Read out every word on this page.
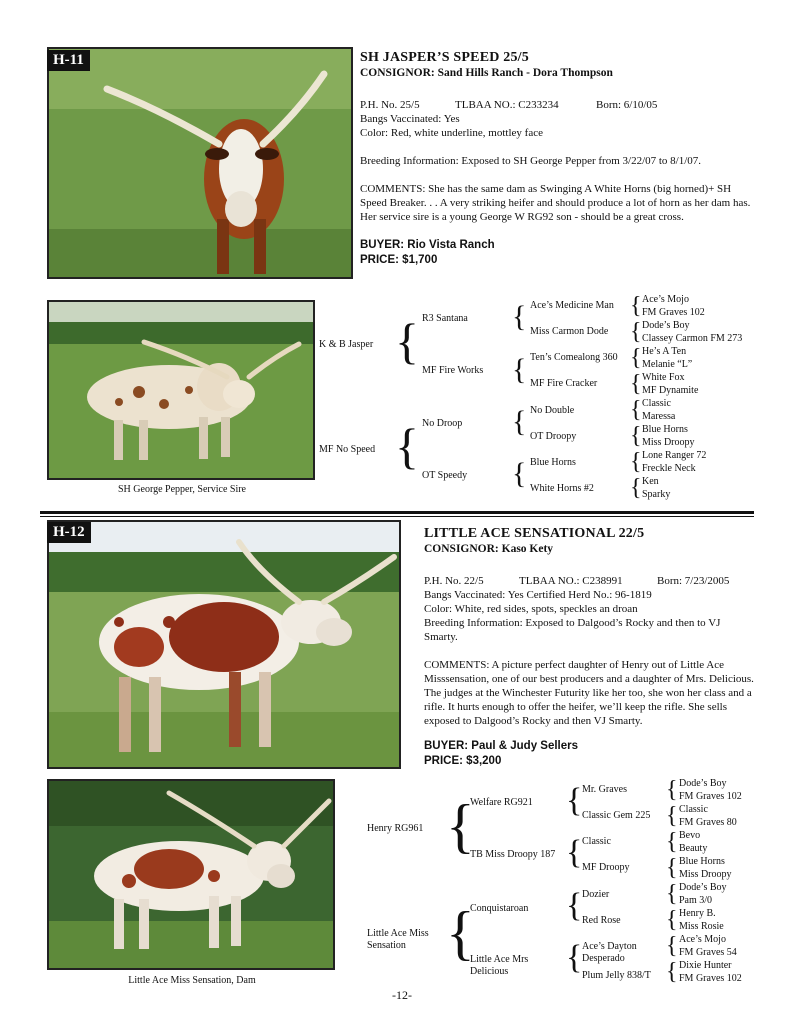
H-11	SH JASPER’S SPEED 25/5
CONSIGNOR: Sand Hills Ranch - Dora Thompson
P.H. No. 25/5	TLBAA NO.: C233234	Born: 6/10/05
Bangs Vaccinated: Yes
Color: Red, white underline, mottley face
Breeding Information: Exposed to SH George Pepper from 3/22/07 to 8/1/07.
COMMENTS: She has the same dam as Swinging A White Horns (big horned)+ SH Speed Breaker. . . A very striking heifer and should produce a lot of horn as her dam has. Her service sire is a young George W RG92 son - should be a great cross.
BUYER: Rio Vista Ranch
PRICE: $1,700
SH George Pepper, Service Sire
K & B Jasper
MF No Speed
{
{
R3 Santana
MF Fire Works
No Droop
OT Speedy
{
{
{
{
Ace’s Medicine Man
Miss Carmon Dode
Ten’s Comealong 360
MF Fire Cracker
No Double
OT Droopy
Blue Horns
White Horns #2
{
{
{
{
{
{
{
{
Ace’s Mojo
FM Graves 102
Dode’s Boy
Classey Carmon FM 273
He’s A Ten
Melanie “L”
White Fox
MF Dynamite
Classic
Maressa
Blue Horns
Miss Droopy
Lone Ranger 72
Freckle Neck
Ken
Sparky
H-12	LITTLE ACE SENSATIONAL 22/5
CONSIGNOR: Kaso Kety
P.H. No. 22/5	TLBAA NO.: C238991	Born: 7/23/2005
Bangs Vaccinated: Yes Certified Herd No.: 96-1819
Color: White, red sides, spots, speckles an droan
Breeding Information: Exposed to Dalgood’s Rocky and then to VJ
Smarty.
COMMENTS: A picture perfect daughter of Henry out of Little Ace Misssensation, one of our best producers and a daughter of Mrs. Delicious. The judges at the Winchester Futurity like her too, she won her class and a rifle. It hurts enough to offer the heifer, we’ll keep the rifle. She sells exposed to Dalgood’s Rocky and then VJ Smarty.
BUYER: Paul & Judy Sellers
PRICE: $3,200
Little Ace Miss Sensation, Dam
Henry RG961
Little Ace Miss
Sensation
{
{
Welfare RG921
TB Miss Droopy 187
Conquistaroan
Little Ace Mrs
Delicious
{
{
{
{
Mr. Graves
Classic Gem 225
Classic
MF Droopy
Dozier
Red Rose
Ace’s Dayton
Desperado
Plum Jelly 838/T
{
{
{
{
{
{
{
{
Dode’s Boy
FM Graves 102
Classic
FM Graves 80
Bevo
Beauty
Blue Horns
Miss Droopy
Dode’s Boy
Pam 3/0
Henry B.
Miss Rosie
Ace’s Mojo
FM Graves 54
Dixie Hunter
FM Graves 102
-12-
